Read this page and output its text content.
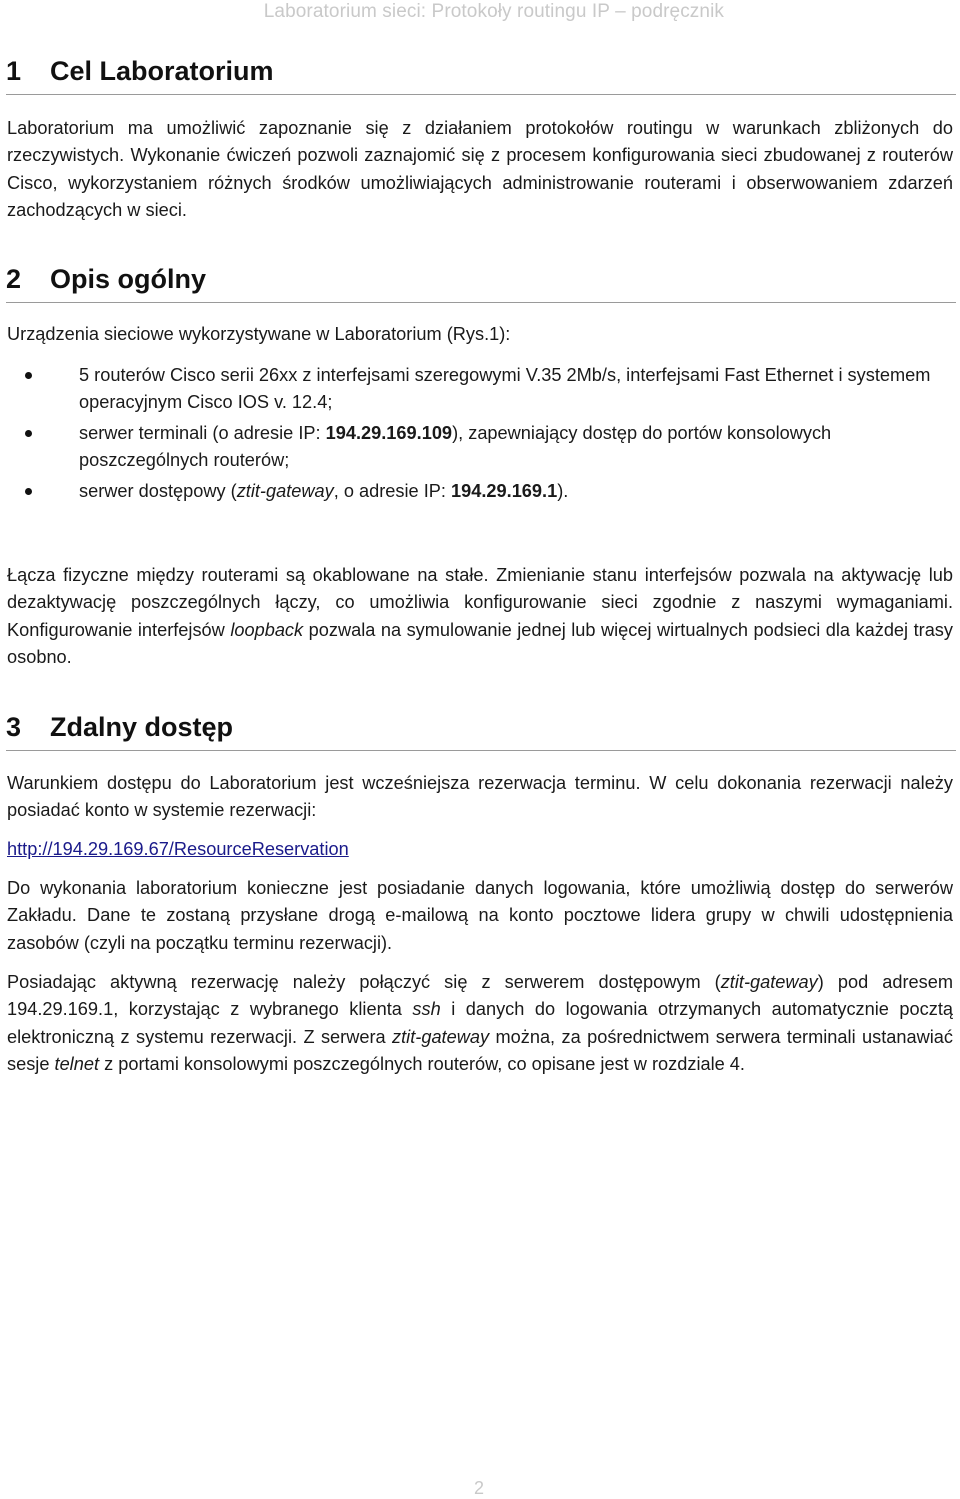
Laboratorium sieci: Protokoły routingu IP – podręcznik
1 Cel Laboratorium

Laboratorium ma umożliwić zapoznanie się z działaniem protokołów routingu w warunkach zbliżonych do rzeczywistych. Wykonanie ćwiczeń pozwoli zaznajomić się z procesem konfigurowania sieci zbudowanej z routerów Cisco, wykorzystaniem różnych środków umożliwiających administrowanie routerami i obserwowaniem zdarzeń zachodzących w sieci.

2 Opis ogólny

Urządzenia sieciowe wykorzystywane w Laboratorium (Rys.1):

5 routerów Cisco serii 26xx z interfejsami szeregowymi V.35 2Mb/s, interfejsami Fast Ethernet i systemem operacyjnym Cisco IOS v. 12.4;
serwer terminali (o adresie IP: 194.29.169.109), zapewniający dostęp do portów konsolowych poszczególnych routerów;
serwer dostępowy (ztit-gateway, o adresie IP: 194.29.169.1).

Łącza fizyczne między routerami są okablowane na stałe. Zmienianie stanu interfejsów pozwala na aktywację lub dezaktywację poszczególnych łączy, co umożliwia konfigurowanie sieci zgodnie z naszymi wymaganiami. Konfigurowanie interfejsów loopback pozwala na symulowanie jednej lub więcej wirtualnych podsieci dla każdej trasy osobno.

3 Zdalny dostęp

Warunkiem dostępu do Laboratorium jest wcześniejsza rezerwacja terminu. W celu dokonania rezerwacji należy posiadać konto w systemie rezerwacji:

http://194.29.169.67/ResourceReservation

Do wykonania laboratorium konieczne jest posiadanie danych logowania, które umożliwią dostęp do serwerów Zakładu. Dane te zostaną przysłane drogą e-mailową na konto pocztowe lidera grupy w chwili udostępnienia zasobów (czyli na początku terminu rezerwacji).

Posiadając aktywną rezerwację należy połączyć się z serwerem dostępowym (ztit-gateway) pod adresem 194.29.169.1, korzystając z wybranego klienta ssh i danych do logowania otrzymanych automatycznie pocztą elektroniczną z systemu rezerwacji. Z serwera ztit-gateway można, za pośrednictwem serwera terminali ustanawiać sesje telnet z portami konsolowymi poszczególnych routerów, co opisane jest w rozdziale 4.

2
